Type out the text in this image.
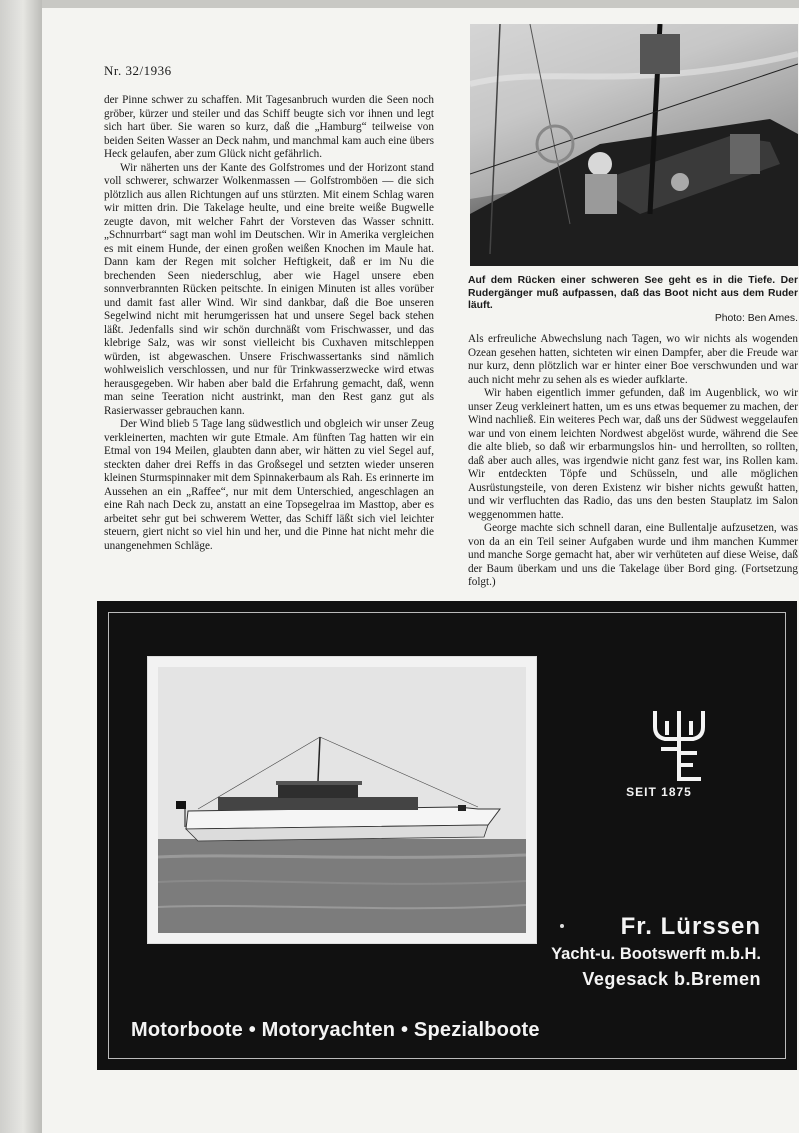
Nr. 32/1936

der Pinne schwer zu schaffen. Mit Tagesanbruch wurden die Seen noch gröber, kürzer und steiler und das Schiff beugte sich vor ihnen und legt sich hart über. Sie waren so kurz, daß die „Hamburg“ teilweise von beiden Seiten Wasser an Deck nahm, und manchmal kam auch eine übers Heck gelaufen, aber zum Glück nicht gefährlich.

Wir näherten uns der Kante des Golfstromes und der Horizont stand voll schwerer, schwarzer Wolkenmassen — Golfstromböen — die sich plötzlich aus allen Richtungen auf uns stürzten. Mit einem Schlag waren wir mitten drin. Die Takelage heulte, und eine breite weiße Bugwelle zeugte davon, mit welcher Fahrt der Vorsteven das Wasser schnitt. „Schnurrbart“ sagt man wohl im Deutschen. Wir in Amerika vergleichen es mit einem Hunde, der einen großen weißen Knochen im Maule hat. Dann kam der Regen mit solcher Heftigkeit, daß er im Nu die brechenden Seen niederschlug, aber wie Hagel unsere eben sonnverbrannten Rücken peitschte. In einigen Minuten ist alles vorüber und damit fast aller Wind. Wir sind dankbar, daß die Boe unseren Segelwind nicht mit herumgerissen hat und unsere Segel back stehen läßt. Jedenfalls sind wir schön durchnäßt vom Frischwasser, und das klebrige Salz, was wir sonst vielleicht bis Cuxhaven mitschleppen würden, ist abgewaschen. Unsere Frischwassertanks sind nämlich wohlweislich verschlossen, und nur für Trinkwasserzwecke wird etwas herausgegeben. Wir haben aber bald die Erfahrung gemacht, daß, wenn man seine Teeration nicht austrinkt, man den Rest ganz gut als Rasierwasser gebrauchen kann.

Der Wind blieb 5 Tage lang südwestlich und obgleich wir unser Zeug verkleinerten, machten wir gute Etmale. Am fünften Tag hatten wir ein Etmal von 194 Meilen, glaubten dann aber, wir hätten zu viel Segel auf, steckten daher drei Reffs in das Großsegel und setzten wieder unseren kleinen Sturmspinnaker mit dem Spinnakerbaum als Rah. Es erinnerte im Aussehen an ein „Raffee“, nur mit dem Unterschied, angeschlagen an eine Rah nach Deck zu, anstatt an eine Topsegelraa im Masttop, aber es arbeitet sehr gut bei schwerem Wetter, das Schiff läßt sich viel leichter steuern, giert nicht so viel hin und her, und die Pinne hat nicht mehr die unangenehmen Schläge.

Auf dem Rücken einer schweren See geht es in die Tiefe. Der Rudergänger muß aufpassen, daß das Boot nicht aus dem Ruder läuft.
Photo: Ben Ames.

Als erfreuliche Abwechslung nach Tagen, wo wir nichts als wogenden Ozean gesehen hatten, sichteten wir einen Dampfer, aber die Freude war nur kurz, denn plötzlich war er hinter einer Boe verschwunden und war auch nicht mehr zu sehen als es wieder aufklarte.

Wir haben eigentlich immer gefunden, daß im Augenblick, wo wir unser Zeug verkleinert hatten, um es uns etwas bequemer zu machen, der Wind nachließ. Ein weiteres Pech war, daß uns der Südwest weggelaufen war und von einem leichten Nordwest abgelöst wurde, während die See die alte blieb, so daß wir erbarmungslos hin- und herrollten, so rollten, daß aber auch alles, was irgendwie nicht ganz fest war, ins Rollen kam. Wir entdeckten Töpfe und Schüsseln, und alle möglichen Ausrüstungsteile, von deren Existenz wir bisher nichts gewußt hatten, und wir verfluchten das Radio, das uns den besten Stauplatz im Salon weggenommen hatte.

George machte sich schnell daran, eine Bullentalje aufzusetzen, was von da an ein Teil seiner Aufgaben wurde und ihm manchen Kummer und manche Sorge gemacht hat, aber wir verhüteten auf diese Weise, daß der Baum überkam und uns die Takelage über Bord ging. (Fortsetzung folgt.)

SEIT 1875
Fr. Lürssen
Yacht-u. Bootswerft m.b.H.
Vegesack b.Bremen
Motorboote • Motoryachten • Spezialboote
